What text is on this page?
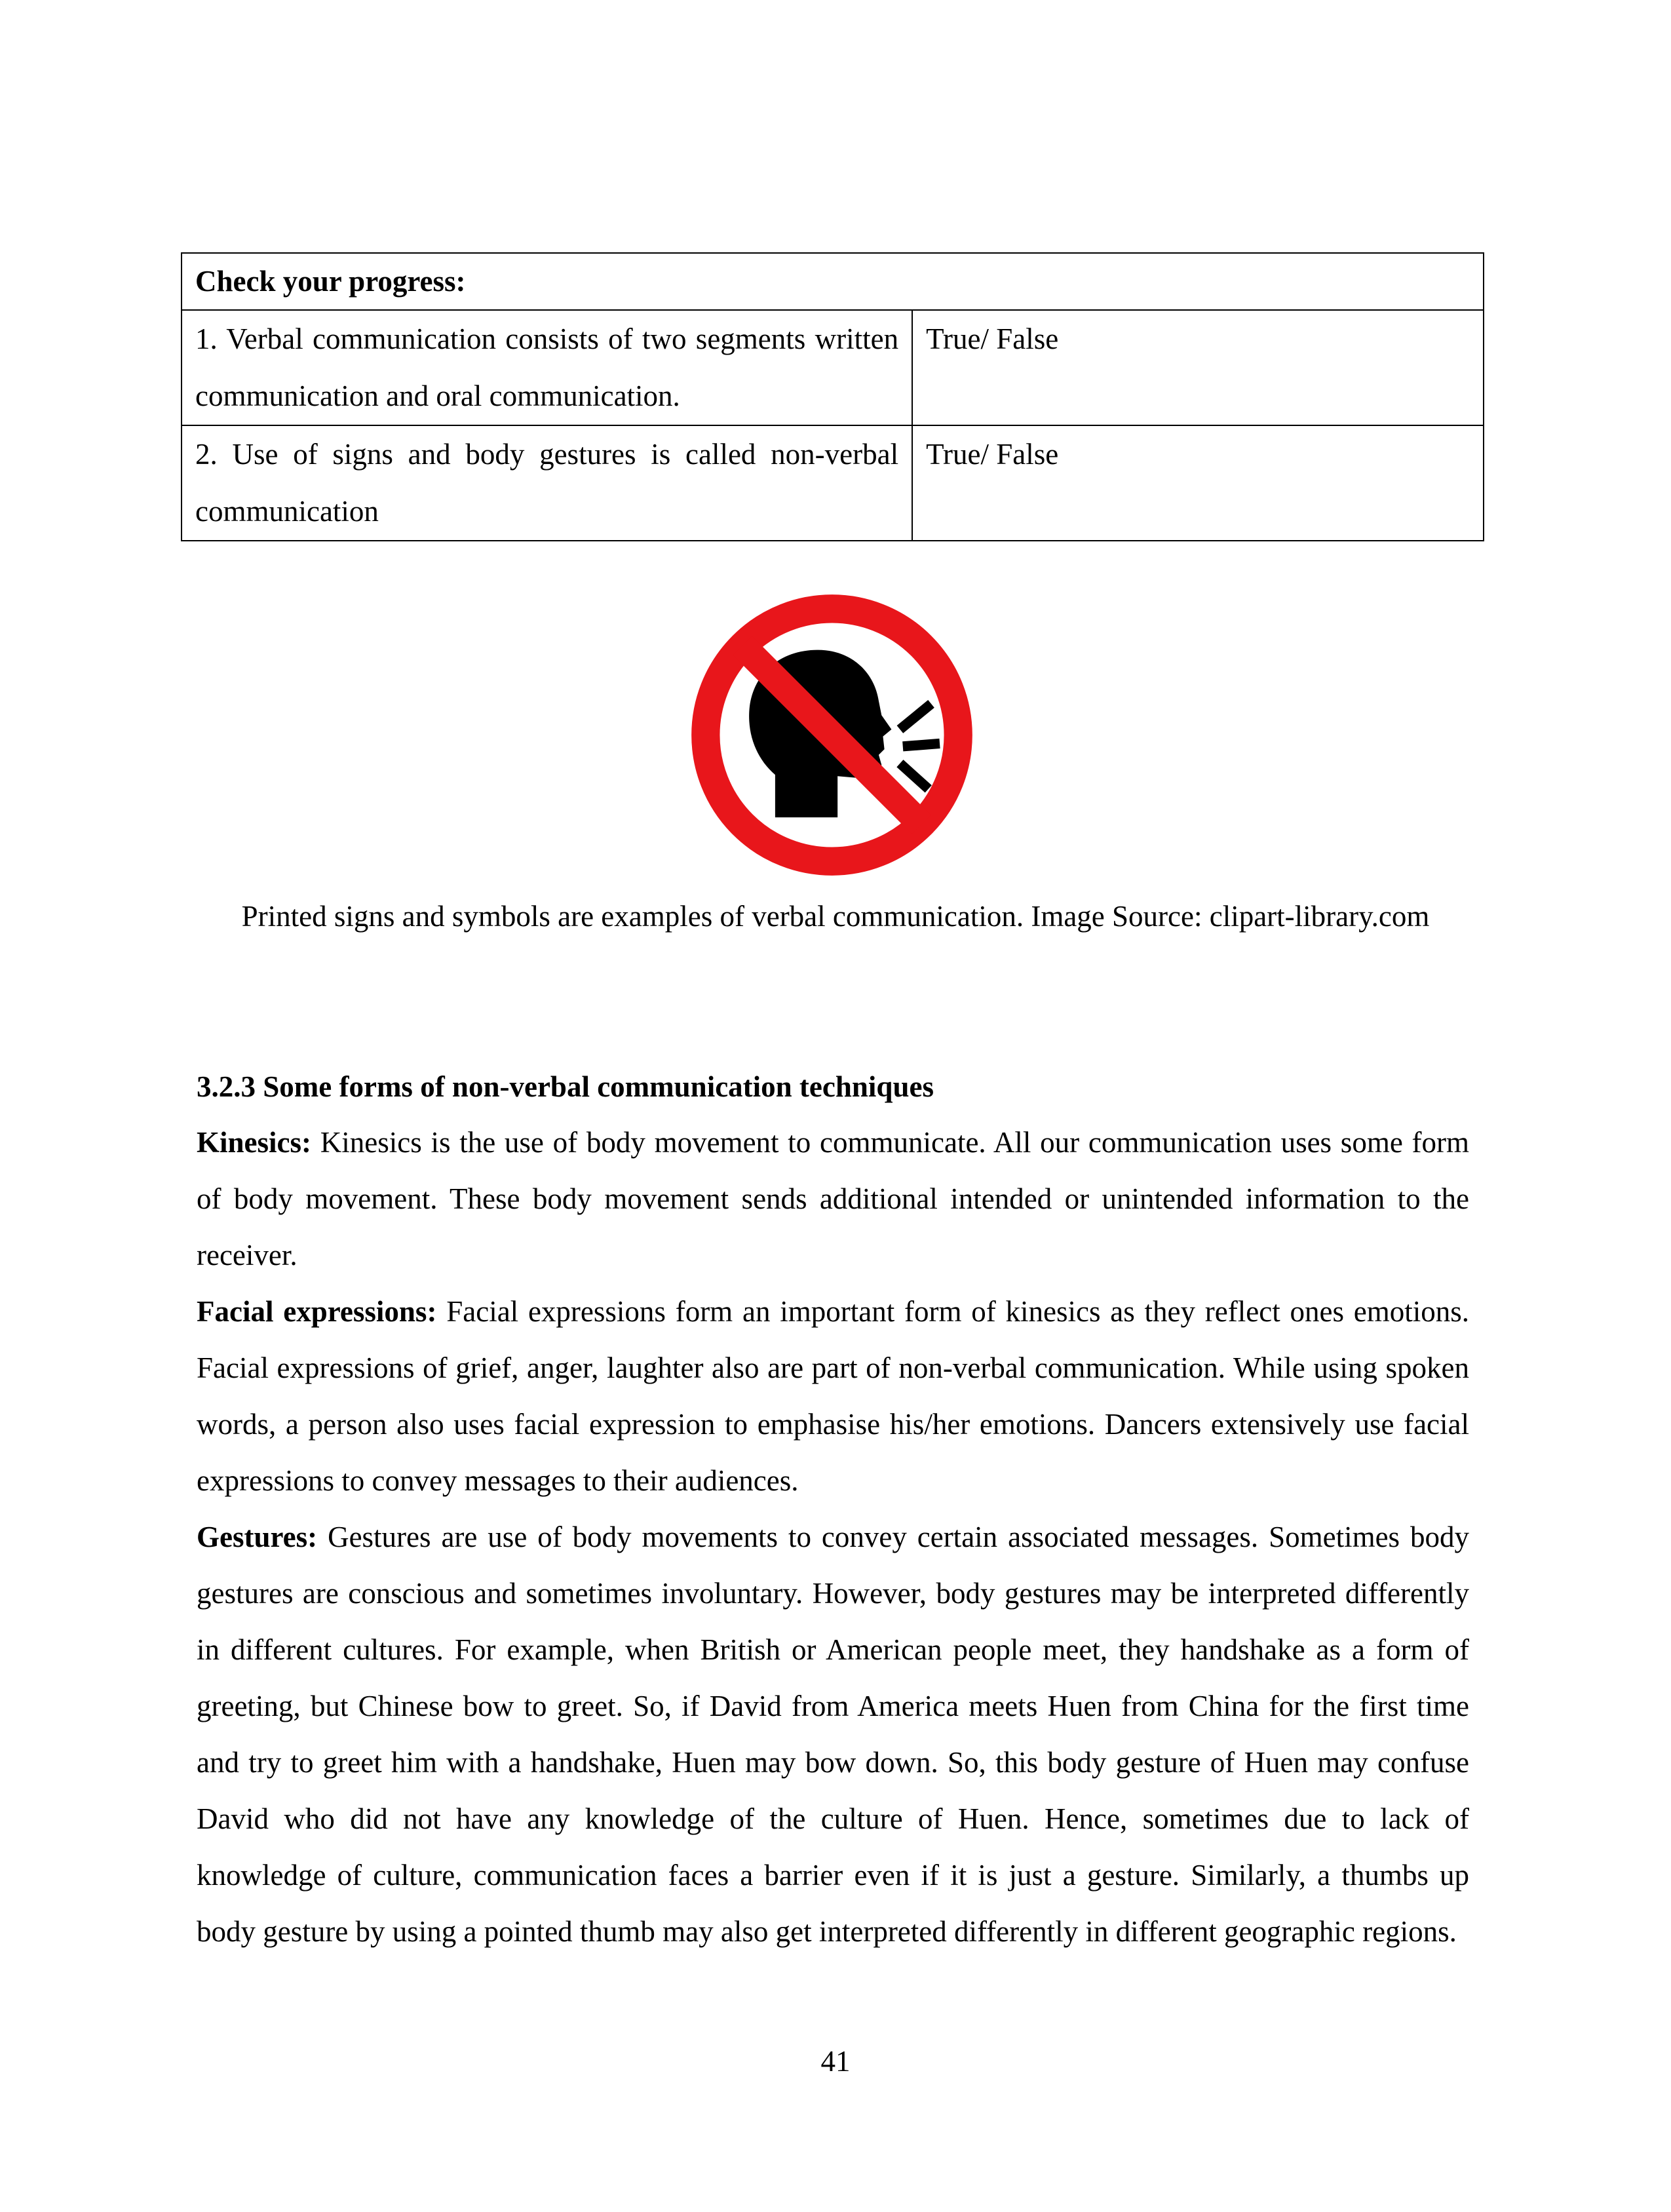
Check your progress:	
1. Verbal communication consists of two segments written communication and oral communication.	True/ False
2. Use of signs and body gestures is called non-verbal communication	True/ False
Printed signs and symbols are examples of verbal communication. Image Source: clipart-library.com
3.2.3 Some forms of non-verbal communication techniques

Kinesics: Kinesics is the use of body movement to communicate. All our communication uses some form of body movement. These body movement sends additional intended or unintended information to the receiver.

Facial expressions: Facial expressions form an important form of kinesics as they reflect ones emotions. Facial expressions of grief, anger, laughter also are part of non-verbal communication. While using spoken words, a person also uses facial expression to emphasise his/her emotions. Dancers extensively use facial expressions to convey messages to their audiences.

Gestures: Gestures are use of body movements to convey certain associated messages. Sometimes body gestures are conscious and sometimes involuntary. However, body gestures may be interpreted differently in different cultures. For example, when British or American people meet, they handshake as a form of greeting, but Chinese bow to greet. So, if David from America meets Huen from China for the first time and try to greet him with a handshake, Huen may bow down. So, this body gesture of Huen may confuse David who did not have any knowledge of the culture of Huen. Hence, sometimes due to lack of knowledge of culture, communication faces a barrier even if it is just a gesture. Similarly, a thumbs up body gesture by using a pointed thumb may also get interpreted differently in different geographic regions.

41
